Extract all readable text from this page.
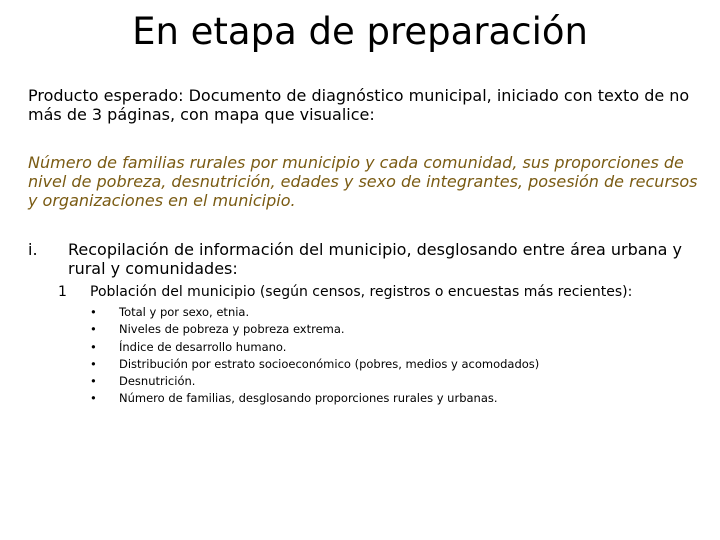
En etapa de preparación

Producto esperado: Documento de diagnóstico municipal, iniciado con texto de no más de 3 páginas, con mapa que visualice:

Número de familias rurales por municipio y cada comunidad, sus proporciones de nivel de pobreza, desnutrición, edades y sexo de integrantes, posesión de recursos y organizaciones en el municipio.

i. Recopilación de información del municipio, desglosando entre área urbana y rural y comunidades:
1 Población del municipio (según censos, registros o encuestas más recientes):
• Total y por sexo, etnia.
• Niveles de pobreza y pobreza extrema.
• Índice de desarrollo humano.
• Distribución por estrato socioeconómico (pobres, medios y acomodados)
• Desnutrición.
• Número de familias, desglosando proporciones rurales y urbanas.
